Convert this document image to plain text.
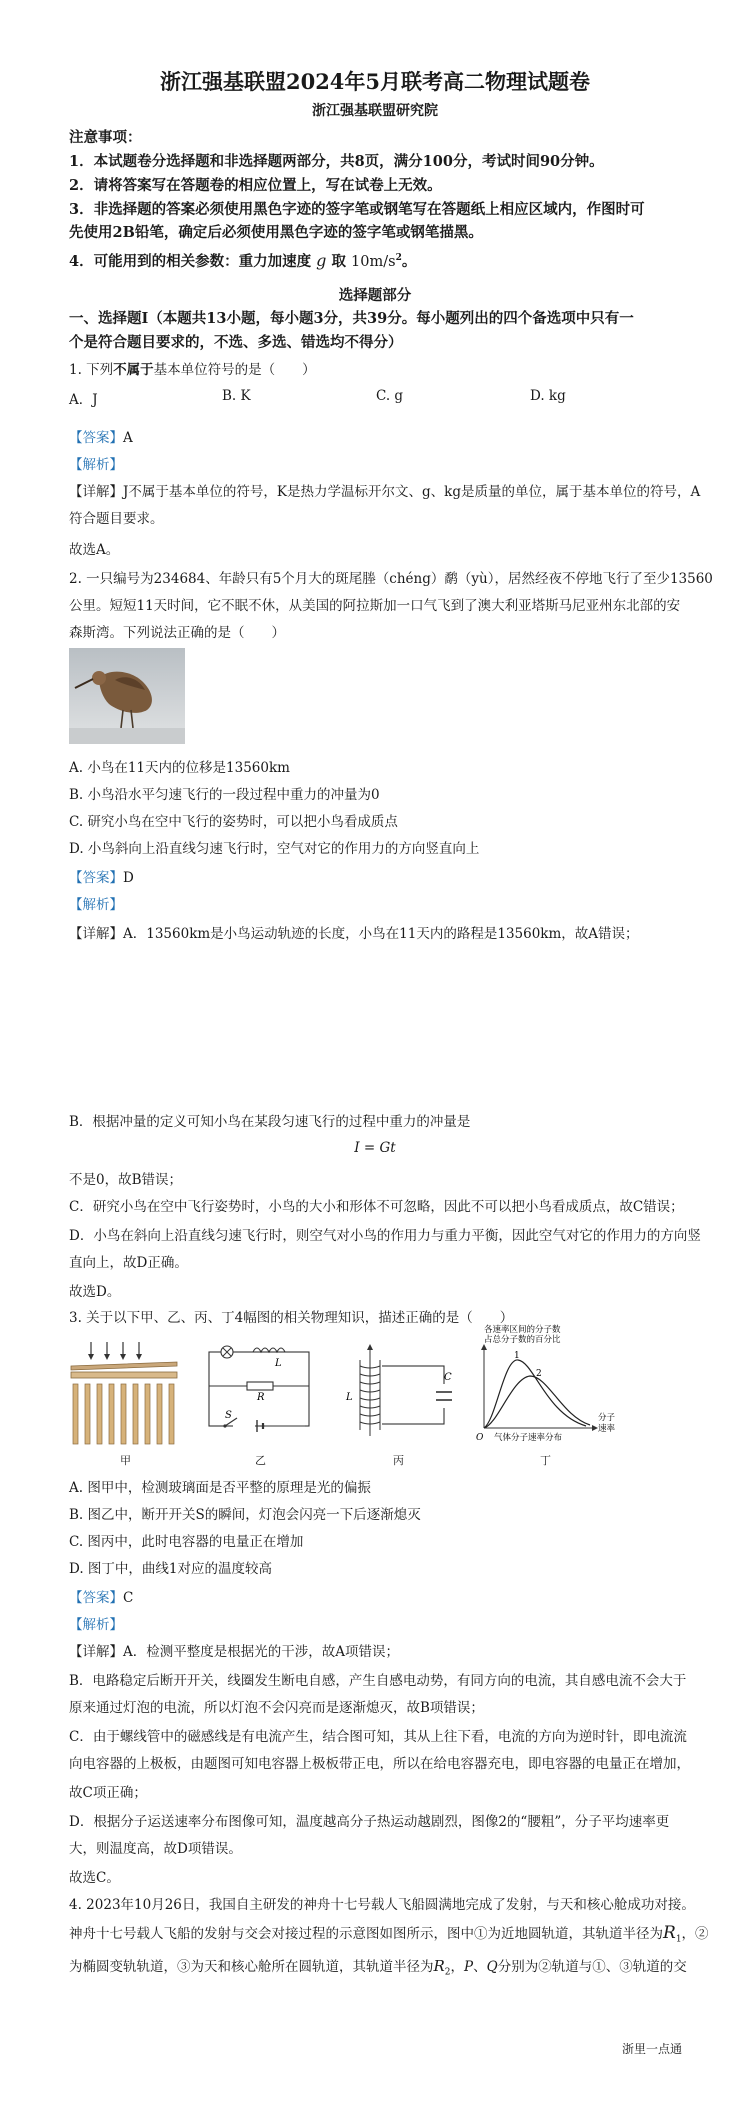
浙江强基联盟2024年5月联考高二物理试题卷
浙江强基联盟研究院
注意事项：
1．本试题卷分选择题和非选择题两部分，共8页，满分100分，考试时间90分钟。
2．请将答案写在答题卷的相应位置上，写在试卷上无效。
3．非选择题的答案必须使用黑色字迹的签字笔或钢笔写在答题纸上相应区域内，作图时可
先使用2B铅笔，确定后必须使用黑色字迹的签字笔或钢笔描黑。
4．可能用到的相关参数：重力加速度 g 取 $10m/s^2$。
选择题部分
一、选择题Ⅰ（本题共13小题，每小题3分，共39分。每小题列出的四个备选项中只有一
个是符合题目要求的，不选、多选、错选均不得分）
1. 下列不属于基本单位符号的是（　　）
A．J	B. K	C. g	D. kg
【答案】A
【解析】
【详解】J不属于基本单位的符号，K是热力学温标开尔文、g、kg是质量的单位，属于基本单位的符号，A
符合题目要求。
故选A。
2. 一只编号为234684、年龄只有5个月大的斑尾塍（chéng）鹬（yù），居然经夜不停地飞行了至少13560
公里。短短11天时间，它不眠不休，从美国的阿拉斯加一口气飞到了澳大利亚塔斯马尼亚州东北部的安
森斯湾。下列说法正确的是（　　）
A. 小鸟在11天内的位移是13560km
B. 小鸟沿水平匀速飞行的一段过程中重力的冲量为0
C. 研究小鸟在空中飞行的姿势时，可以把小鸟看成质点
D. 小鸟斜向上沿直线匀速飞行时，空气对它的作用力的方向竖直向上
【答案】D
【解析】
【详解】A．13560km是小鸟运动轨迹的长度，小鸟在11天内的路程是13560km，故A错误；
B．根据冲量的定义可知小鸟在某段匀速飞行的过程中重力的冲量是
I = Gt
不是0，故B错误；
C．研究小鸟在空中飞行姿势时，小鸟的大小和形体不可忽略，因此不可以把小鸟看成质点，故C错误；
D．小鸟在斜向上沿直线匀速飞行时，则空气对小鸟的作用力与重力平衡，因此空气对它的作用力的方向竖
直向上，故D正确。
故选D。
3. 关于以下甲、乙、丙、丁4幅图的相关物理知识，描述正确的是（　　）
甲
L
R
S
乙
L
C
丙
各速率区间的分子数
占总分子数的百分比
1
2
分子
速率
O 气体分子速率分布
丁
A. 图甲中，检测玻璃面是否平整的原理是光的偏振
B. 图乙中，断开开关S的瞬间，灯泡会闪亮一下后逐渐熄灭
C. 图丙中，此时电容器的电量正在增加
D. 图丁中，曲线1对应的温度较高
【答案】C
【解析】
【详解】A．检测平整度是根据光的干涉，故A项错误；
B．电路稳定后断开开关，线圈发生断电自感，产生自感电动势，有同方向的电流，其自感电流不会大于
原来通过灯泡的电流，所以灯泡不会闪亮而是逐渐熄灭，故B项错误；
C．由于螺线管中的磁感线是有电流产生，结合图可知，其从上往下看，电流的方向为逆时针，即电流流
向电容器的上极板，由题图可知电容器上极板带正电，所以在给电容器充电，即电容器的电量正在增加，
故C项正确；
D．根据分子运送速率分布图像可知，温度越高分子热运动越剧烈，图像2的“腰粗”，分子平均速率更
大，则温度高，故D项错误。
故选C。
4. 2023年10月26日，我国自主研发的神舟十七号载人飞船圆满地完成了发射，与天和核心舱成功对接。
神舟十七号载人飞船的发射与交会对接过程的示意图如图所示，图中①为近地圆轨道，其轨道半径为$R_1$，②
为椭圆变轨轨道，③为天和核心舱所在圆轨道，其轨道半径为$R_2$，P、Q分别为②轨道与①、③轨道的交
浙里一点通
